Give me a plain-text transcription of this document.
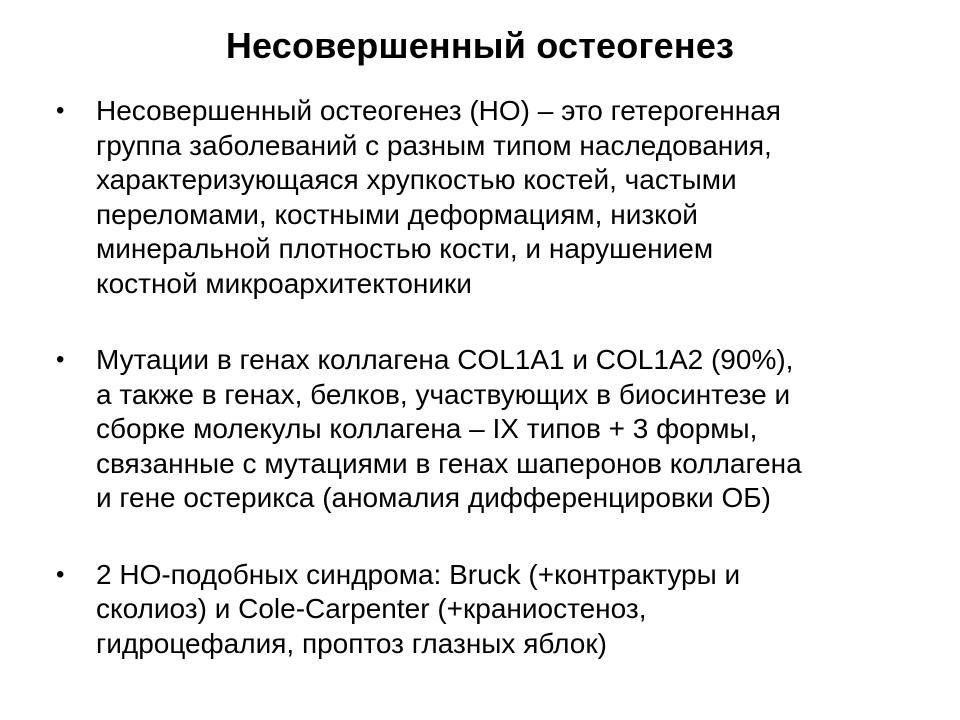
Несовершенный остеогенез
• Несовершенный остеогенез (НО) – это гетерогенная
группа заболеваний с разным типом наследования,
характеризующаяся хрупкостью костей, частыми
переломами, костными деформациям, низкой
минеральной плотностью кости, и нарушением
костной микроархитектоники
• Мутации в генах коллагена COL1A1 и COL1A2 (90%),
а также в генах, белков, участвующих в биосинтезе и
сборке молекулы коллагена – IX типов + 3 формы,
связанные с мутациями в генах шаперонов коллагена
и гене остерикса (аномалия дифференцировки ОБ)
• 2 НО-подобных синдрома: Bruck (+контрактуры и
сколиоз) и Cole-Carpenter (+краниостеноз,
гидроцефалия, проптоз глазных яблок)
